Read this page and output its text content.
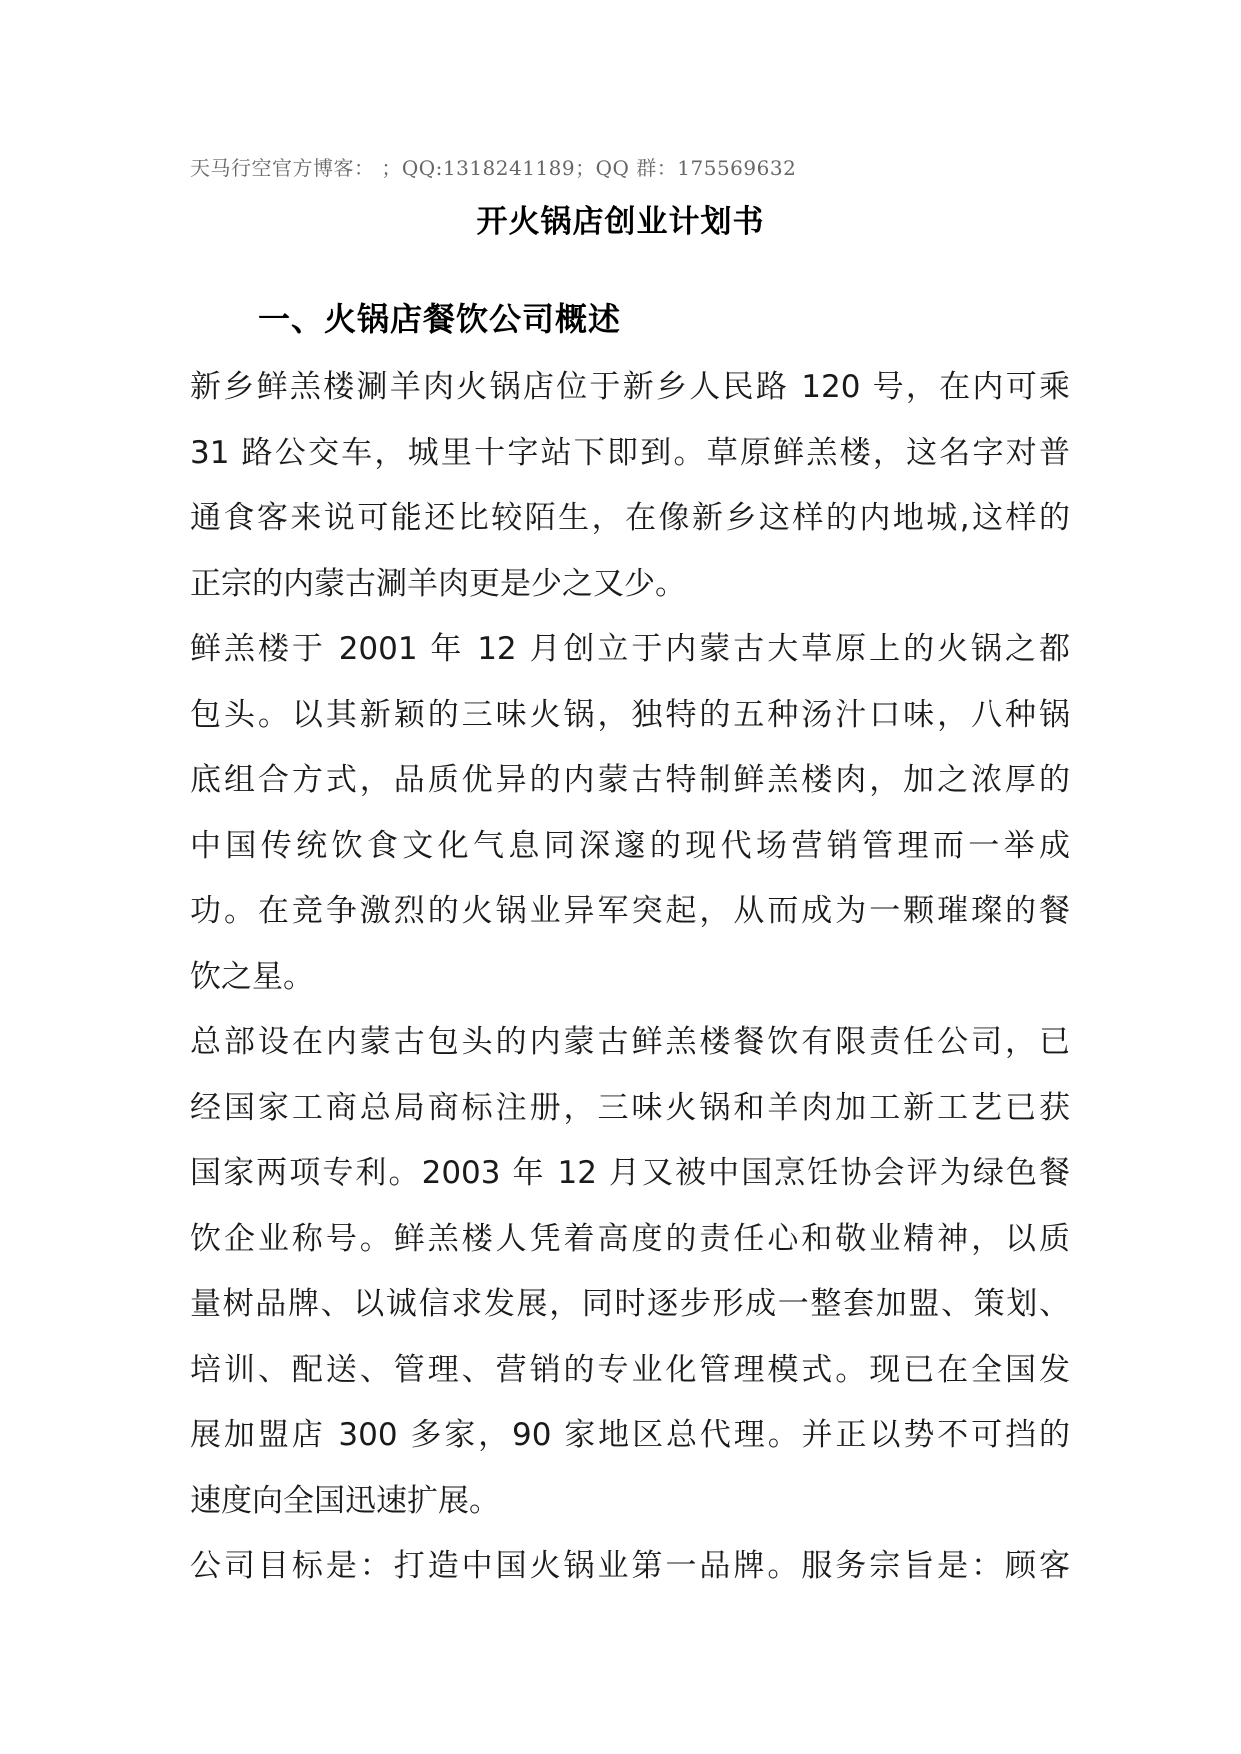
天马行空官方博客： ；QQ:1318241189；QQ 群：175569632
开火锅店创业计划书
一、火锅店餐饮公司概述
新乡鲜羔楼涮羊肉火锅店位于新乡人民路 120 号，在内可乘
31 路公交车，城里十字站下即到。草原鲜羔楼，这名字对普
通食客来说可能还比较陌生，在像新乡这样的内地城,这样的
正宗的内蒙古涮羊肉更是少之又少。
鲜羔楼于 2001 年 12 月创立于内蒙古大草原上的火锅之都
包头。以其新颖的三味火锅，独特的五种汤汁口味，八种锅
底组合方式，品质优异的内蒙古特制鲜羔楼肉，加之浓厚的
中国传统饮食文化气息同深邃的现代场营销管理而一举成
功。在竞争激烈的火锅业异军突起，从而成为一颗璀璨的餐
饮之星。
总部设在内蒙古包头的内蒙古鲜羔楼餐饮有限责任公司，已
经国家工商总局商标注册，三味火锅和羊肉加工新工艺已获
国家两项专利。2003 年 12 月又被中国烹饪协会评为绿色餐
饮企业称号。鲜羔楼人凭着高度的责任心和敬业精神，以质
量树品牌、以诚信求发展，同时逐步形成一整套加盟、策划、
培训、配送、管理、营销的专业化管理模式。现已在全国发
展加盟店 300 多家，90 家地区总代理。并正以势不可挡的
速度向全国迅速扩展。
公司目标是：打造中国火锅业第一品牌。服务宗旨是：顾客
